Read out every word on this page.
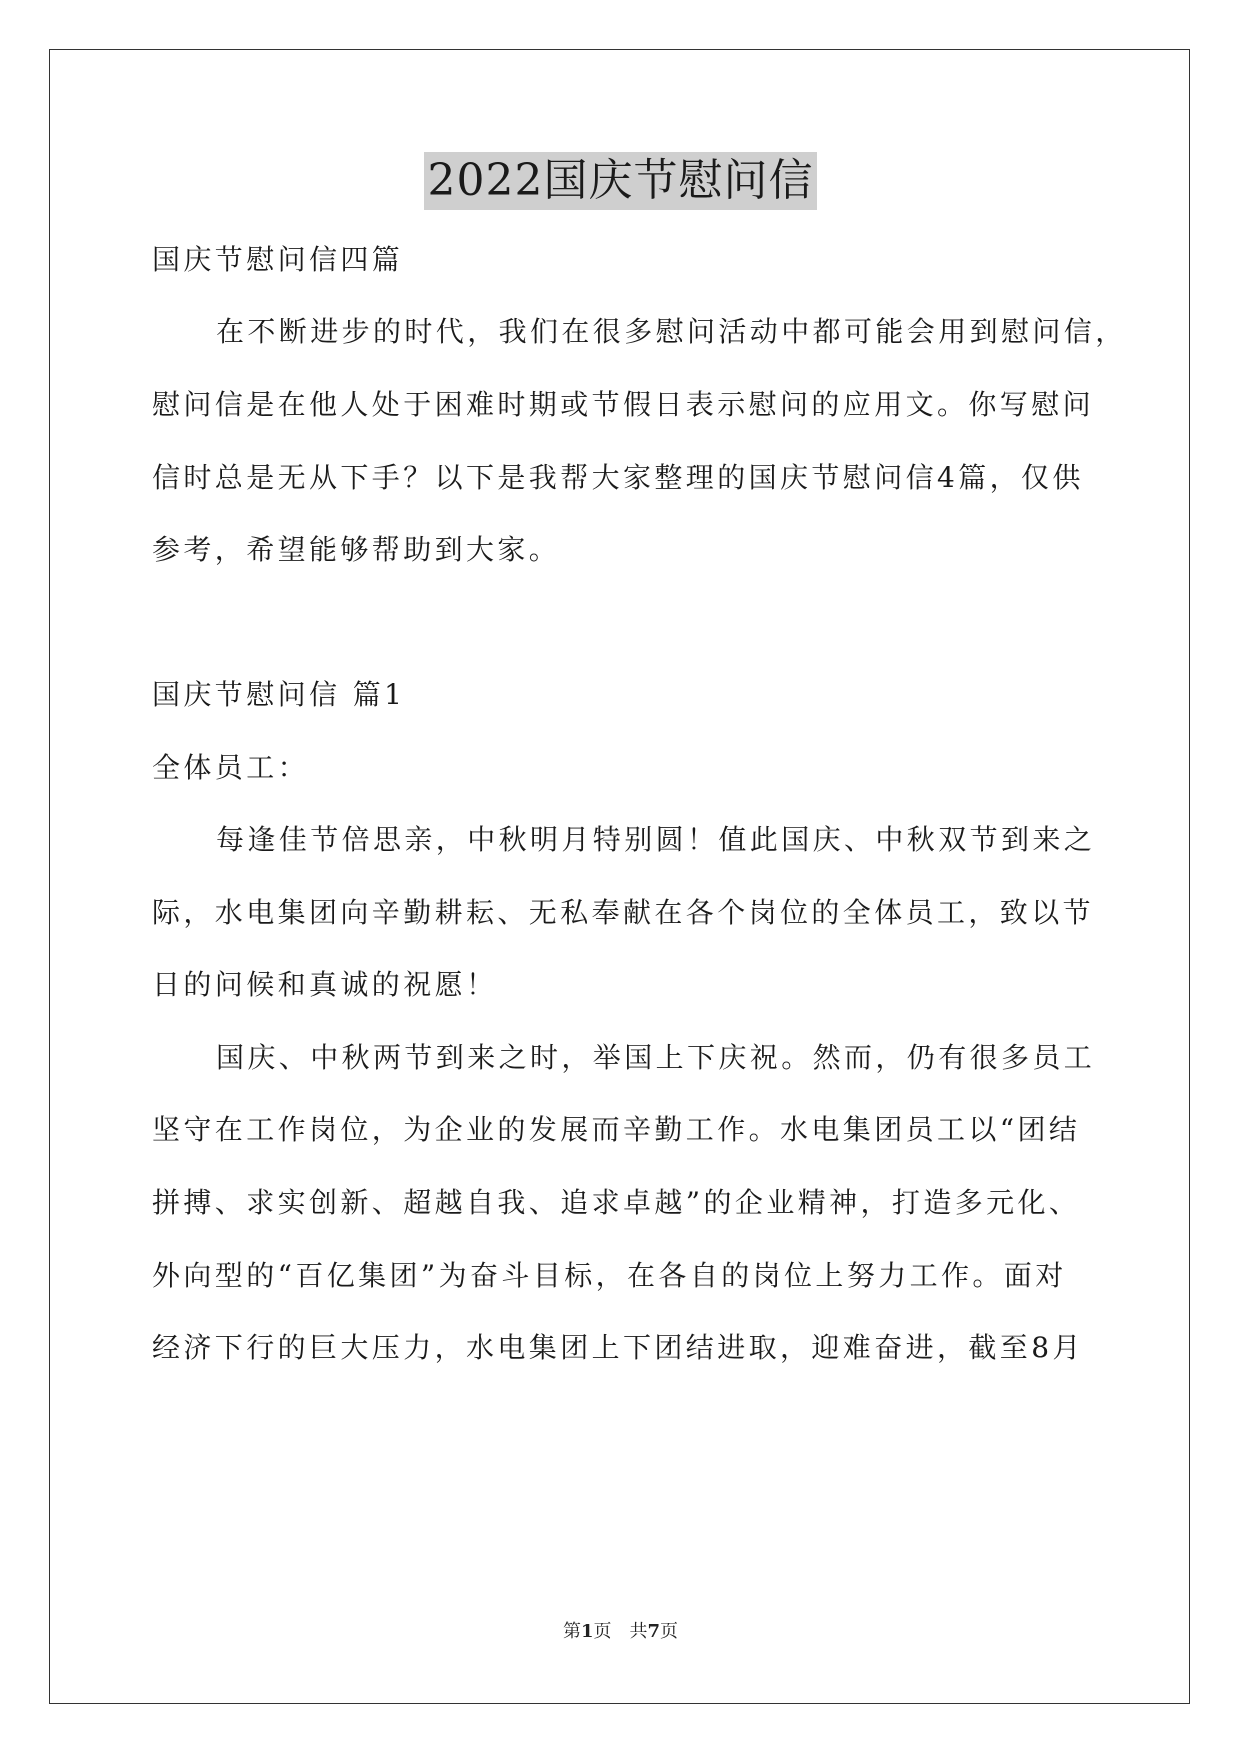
2022国庆节慰问信
国庆节慰问信四篇
在不断进步的时代，我们在很多慰问活动中都可能会用到慰问信，
慰问信是在他人处于困难时期或节假日表示慰问的应用文。你写慰问
信时总是无从下手？以下是我帮大家整理的国庆节慰问信4篇，仅供
参考，希望能够帮助到大家。
国庆节慰问信 篇1
全体员工：
每逢佳节倍思亲，中秋明月特别圆！值此国庆、中秋双节到来之
际，水电集团向辛勤耕耘、无私奉献在各个岗位的全体员工，致以节
日的问候和真诚的祝愿！
国庆、中秋两节到来之时，举国上下庆祝。然而，仍有很多员工
坚守在工作岗位，为企业的发展而辛勤工作。水电集团员工以“团结
拼搏、求实创新、超越自我、追求卓越”的企业精神，打造多元化、
外向型的“百亿集团”为奋斗目标，在各自的岗位上努力工作。面对
经济下行的巨大压力，水电集团上下团结进取，迎难奋进，截至8月
第1页　共7页
